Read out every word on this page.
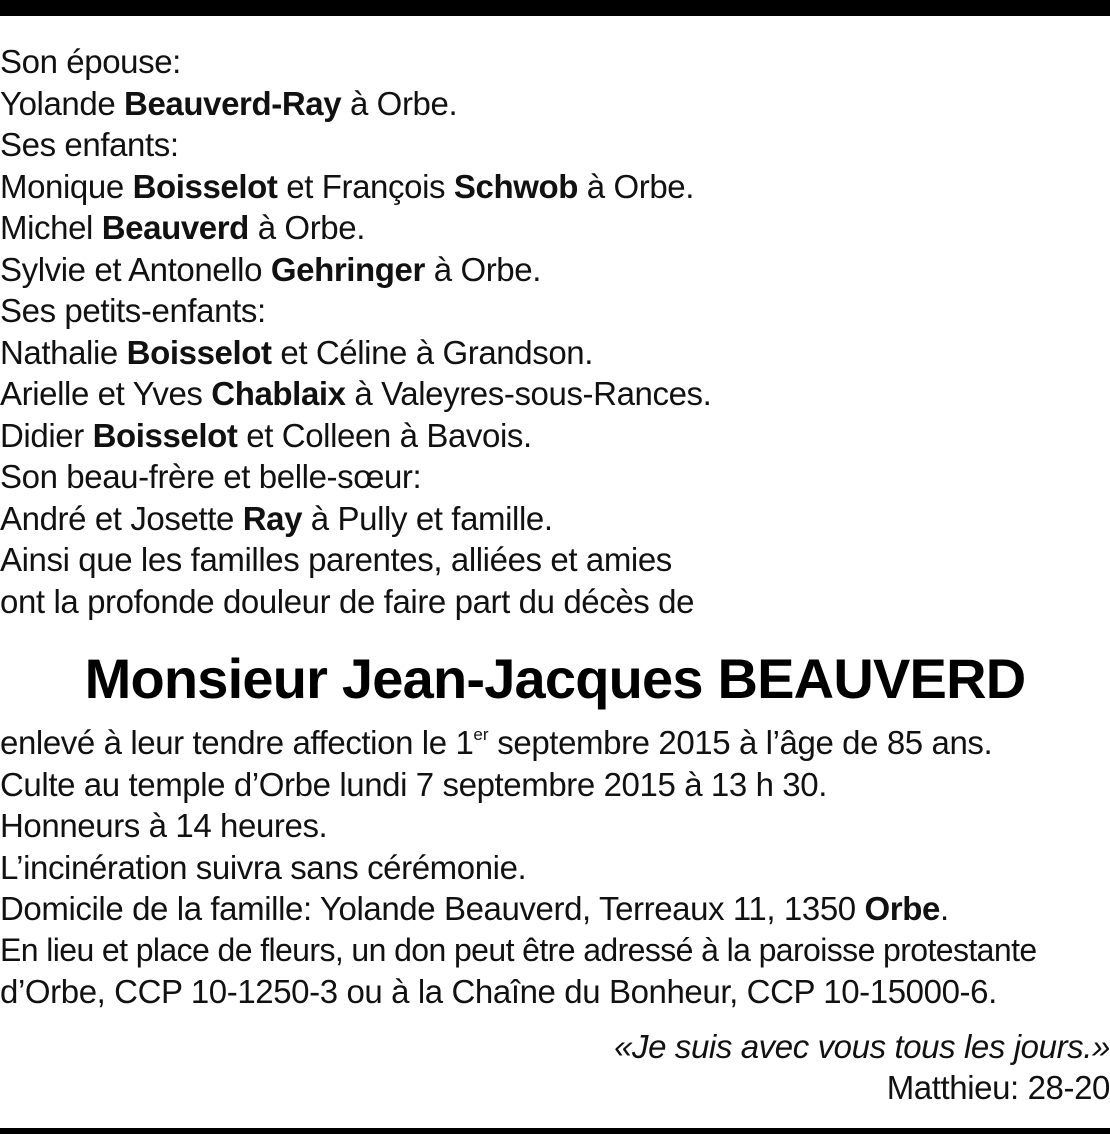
Son épouse:
Yolande Beauverd-Ray à Orbe.
Ses enfants:
Monique Boisselot et François Schwob à Orbe.
Michel Beauverd à Orbe.
Sylvie et Antonello Gehringer à Orbe.
Ses petits-enfants:
Nathalie Boisselot et Céline à Grandson.
Arielle et Yves Chablaix à Valeyres-sous-Rances.
Didier Boisselot et Colleen à Bavois.
Son beau-frère et belle-sœur:
André et Josette Ray à Pully et famille.
Ainsi que les familles parentes, alliées et amies
ont la profonde douleur de faire part du décès de
Monsieur Jean-Jacques BEAUVERD
enlevé à leur tendre affection le 1er septembre 2015 à l’âge de 85 ans.
Culte au temple d’Orbe lundi 7 septembre 2015 à 13 h 30.
Honneurs à 14 heures.
L’incinération suivra sans cérémonie.
Domicile de la famille: Yolande Beauverd, Terreaux 11, 1350 Orbe.
En lieu et place de fleurs, un don peut être adressé à la paroisse protestante
d’Orbe, CCP 10-1250-3 ou à la Chaîne du Bonheur, CCP 10-15000-6.
«Je suis avec vous tous les jours.»
Matthieu: 28-20
